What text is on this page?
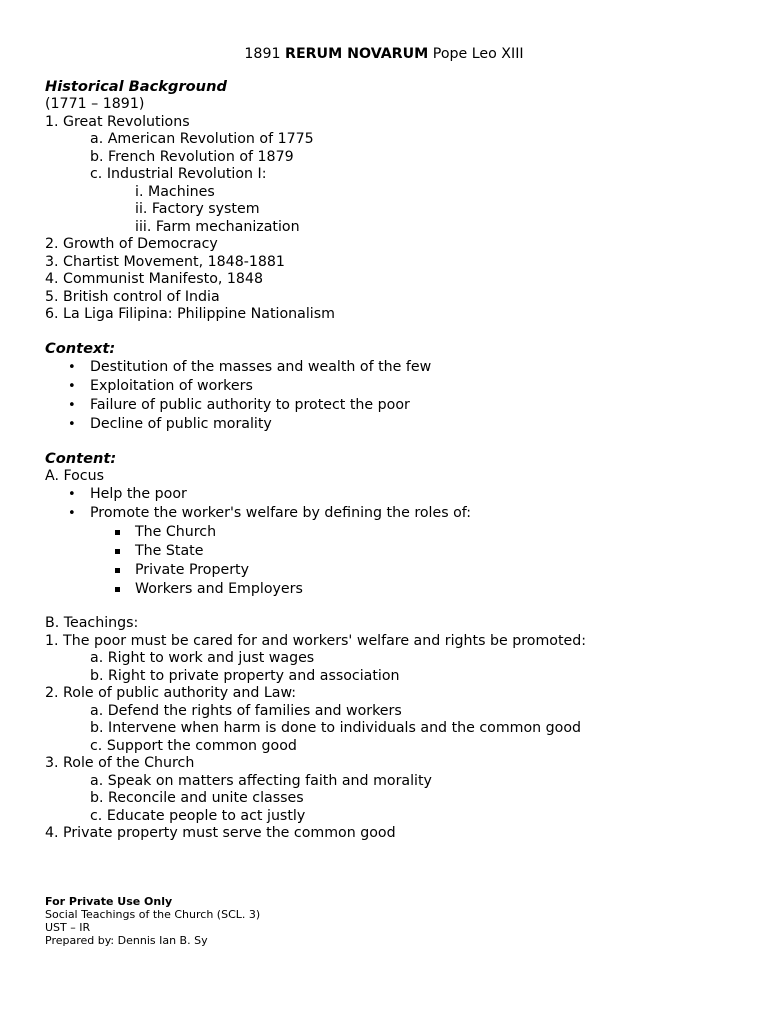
1891 RERUM NOVARUM Pope Leo XIII
Historical Background
(1771 – 1891)
1. Great Revolutions
a. American Revolution of 1775
b. French Revolution of 1879
c. Industrial Revolution I:
i. Machines
ii. Factory system
iii. Farm mechanization
2. Growth of Democracy
3. Chartist Movement, 1848-1881
4. Communist Manifesto, 1848
5. British control of India
6. La Liga Filipina: Philippine Nationalism
Context:
• Destitution of the masses and wealth of the few
• Exploitation of workers
• Failure of public authority to protect the poor
• Decline of public morality
Content:
A. Focus
• Help the poor
• Promote the worker's welfare by defining the roles of:
The Church
The State
Private Property
Workers and Employers
B. Teachings:
1. The poor must be cared for and workers' welfare and rights be promoted:
a. Right to work and just wages
b. Right to private property and association
2. Role of public authority and Law:
a. Defend the rights of families and workers
b. Intervene when harm is done to individuals and the common good
c. Support the common good
3. Role of the Church
a. Speak on matters affecting faith and morality
b. Reconcile and unite classes
c. Educate people to act justly
4. Private property must serve the common good
For Private Use Only
Social Teachings of the Church (SCL. 3)
UST – IR
Prepared by: Dennis Ian B. Sy
